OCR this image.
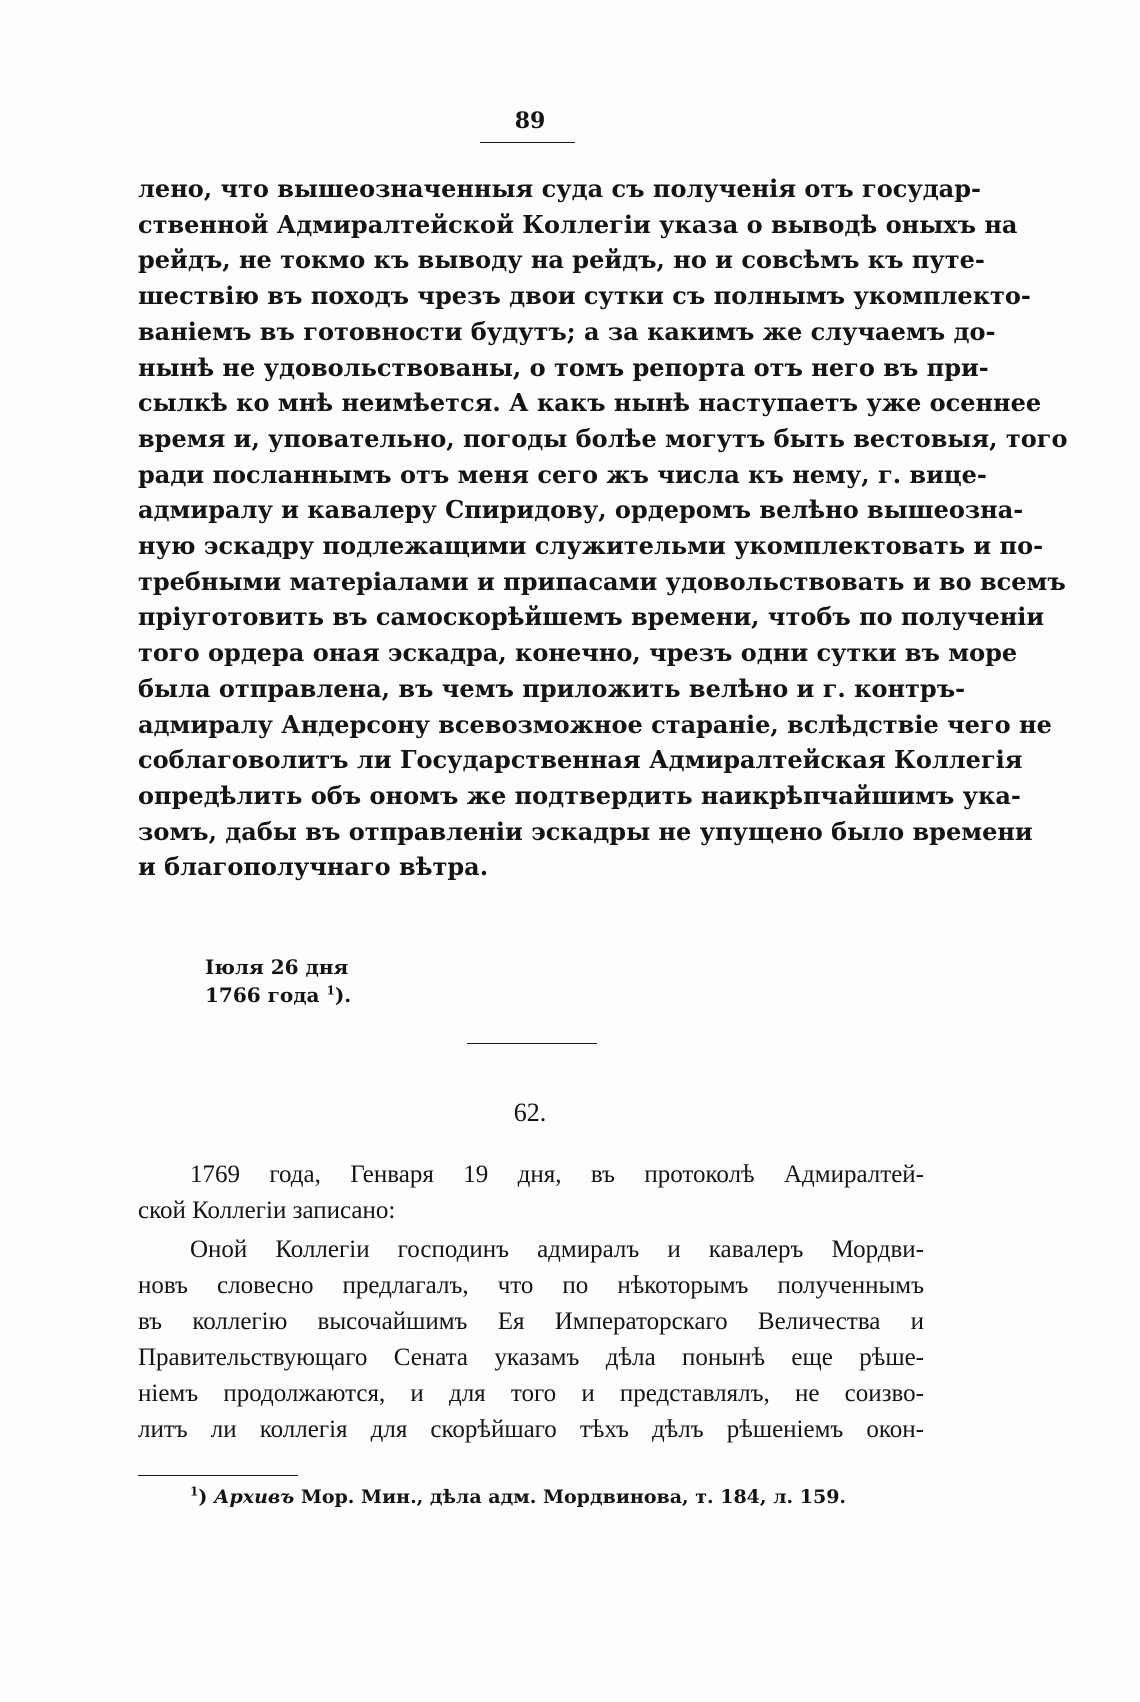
89
лено, что вышеозначенныя суда съ полученія отъ государ-
ственной Адмиралтейской Коллегіи указа о выводѣ оныхъ на
рейдъ, не токмо къ выводу на рейдъ, но и совсѣмъ къ путе-
шествію въ походъ чрезъ двои сутки съ полнымъ укомплекто-
ваніемъ въ готовности будутъ; а за какимъ же случаемъ до-
нынѣ не удовольствованы, о томъ репорта отъ него въ при-
сылкѣ ко мнѣ неимѣется. А какъ нынѣ наступаетъ уже осеннее
время и, уповательно, погоды болѣе могутъ быть вестовыя, того
ради посланнымъ отъ меня сего жъ числа къ нему, г. вице-
адмиралу и кавалеру Спиридову, ордеромъ велѣно вышеозна-
ную эскадру подлежащими служительми укомплектовать и по-
требными матеріалами и припасами удовольствовать и во всемъ
пріуготовить въ самоскорѣйшемъ времени, чтобъ по полученіи
того ордера оная эскадра, конечно, чрезъ одни сутки въ море
была отправлена, въ чемъ приложить велѣно и г. контръ-
адмиралу Андерсону всевозможное стараніе, вслѣдствіе чего не
соблаговолитъ ли Государственная Адмиралтейская Коллегія
опредѣлить объ ономъ же подтвердить наикрѣпчайшимъ ука-
зомъ, дабы въ отправленіи эскадры не упущено было времени
и благополучнаго вѣтра.
Іюля 26 дня
1766 года $^1$).
62.
1769 года, Генваря 19 дня, въ протоколѣ Адмиралтей-
ской Коллегіи записано:
Оной Коллегіи господинъ адмиралъ и кавалеръ Мордви-
новъ словесно предлагалъ, что по нѣкоторымъ полученнымъ
въ коллегію высочайшимъ Ея Императорскаго Величества и
Правительствующаго Сената указамъ дѣла понынѣ еще рѣше-
ніемъ продолжаются, и для того и представлялъ, не соизво-
литъ ли коллегія для скорѣйшаго тѣхъ дѣлъ рѣшеніемъ окон-
$^1$) Архивъ Мор. Мин., дѣла адм. Мордвинова, т. 184, л. 159.
